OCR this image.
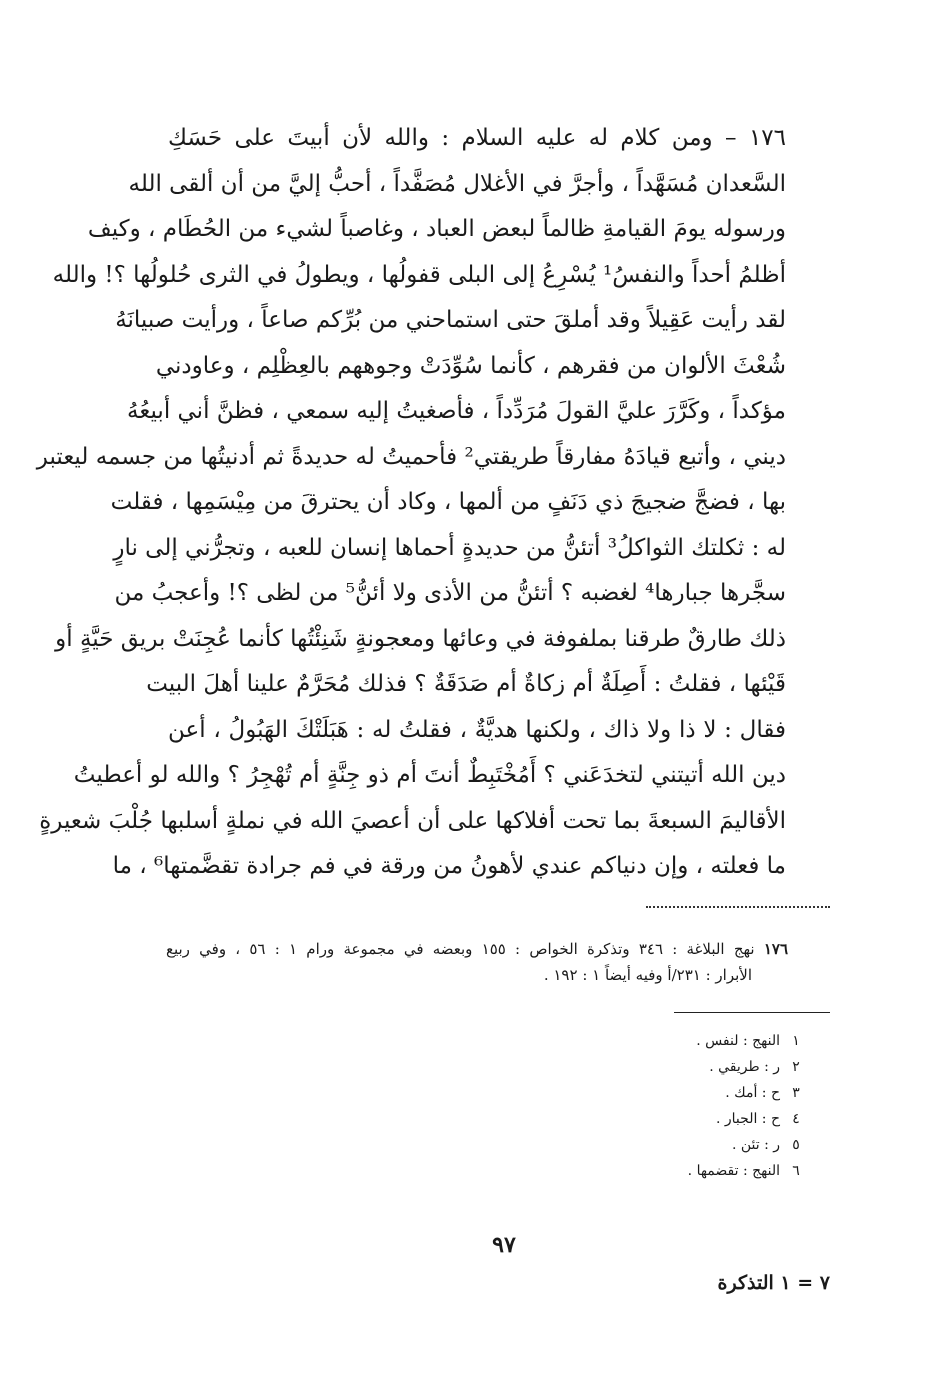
١٧٦ – ومن كلام له عليه السلام : والله لأن أبيتَ على حَسَكِ
السَّعدان مُسَهَّداً ، وأجرَّ في الأغلال مُصَفَّداً ، أحبُّ إليَّ من أن ألقى الله
ورسوله يومَ القيامةِ ظالماً لبعض العباد ، وغاصباً لشيء من الحُطَام ، وكيف
أظلمُ أحداً والنفسُ¹ يُسْرِعُ إلى البلى قفولُها ، ويطولُ في الثرى حُلولُها ؟! والله
لقد رأيت عَقِيلاً وقد أملقَ حتى استماحني من بُرِّكم صاعاً ، ورأيت صبيانَهُ
شُعْثَ الألوان من فقرهم ، كأنما سُوِّدَتْ وجوههم بالعِظْلِم ، وعاودني
مؤكداً ، وكَرَّرَ عليَّ القولَ مُرَدِّداً ، فأصغيتُ إليه سمعي ، فظنَّ أني أبيعُهُ
ديني ، وأتبع قيادَهُ مفارقاً طريقتي² فأحميتُ له حديدةً ثم أدنيتُها من جسمه ليعتبر
بها ، فضجَّ ضجيجَ ذي دَنَفٍ من ألمها ، وكاد أن يحترقَ من مِيْسَمِها ، فقلت
له : ثكلتك الثواكلُ³ أتئنُّ من حديدةٍ أحماها إنسان للعبه ، وتجرُّني إلى نارٍ
سجَّرها جبارها⁴ لغضبه ؟ أتئنُّ من الأذى ولا أئنُّ⁵ من لظى ؟! وأعجبُ من
ذلك طارقٌ طرقنا بملفوفة في وعائها ومعجونةٍ شَنِئْتُها كأنما عُجِنَتْ بريق حَيَّةٍ أو
قَيْئها ، فقلتُ : أَصِلَةٌ أم زكاةٌ أم صَدَقَةٌ ؟ فذلك مُحَرَّمٌ علينا أهلَ البيت
فقال : لا ذا ولا ذاك ، ولكنها هديَّةٌ ، فقلتُ له : هَبَلَتْكَ الهَبُولُ ، أعن
دين الله أتيتني لتخدَعَني ؟ أَمُخْتَبِطٌ أنتَ أم ذو جِنَّةٍ أم تُهْجِرُ ؟ والله لو أعطيتُ
الأقاليمَ السبعةَ بما تحت أفلاكها على أن أعصيَ الله في نملةٍ أسلبها جُلْبَ شعيرةٍ
ما فعلته ، وإن دنياكم عندي لأهونُ من ورقة في فم جرادة تقضَّمتها⁶ ، ما
١٧٦ نهج البلاغة : ٣٤٦ وتذكرة الخواص : ١٥٥ وبعضه في مجموعة ورام ١ : ٥٦ ، وفي ربيع
الأبرار : ٢٣١/أ وفيه أيضاً ١ : ١٩٢ .
١
النهج : لنفس .
٢
ر : طريقي .
٣
ح : أمك .
٤
ح : الجبار .
٥
ر : تئن .
٦
النهج : تقضمها .
٩٧
٧ = ١ التذكرة
